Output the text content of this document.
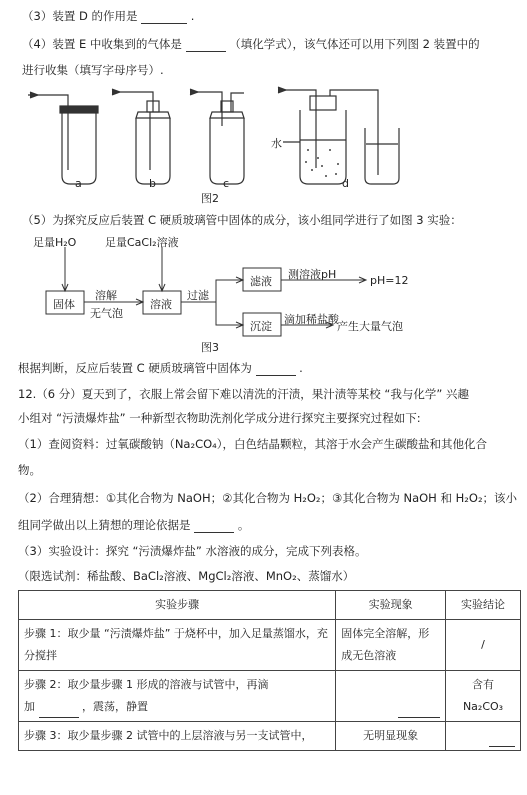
（3）装置 D 的作用是	.
（4）装置 E 中收集到的气体是	（填化学式），该气体还可以用下列图 2 装置中的
进行收集（填写字母序号）.
a	b	c	d
水
图2
（5）为探究反应后装置 C 硬质玻璃管中固体的成分，该小组同学进行了如图 3 实验：
足量H₂O	足量CaCl₂溶液
固体
溶解
无气泡
溶液
过滤
滤液
测溶液pH	pH=12
沉淀
滴加稀盐酸
产生大量气泡
图3
根据判断，反应后装置 C 硬质玻璃管中固体为	.
12.（6 分）夏天到了，衣服上常会留下难以清洗的汗渍，果汁渍等某校 “我与化学” 兴趣
小组对 “污渍爆炸盐” 一种新型衣物助洗剂化学成分进行探究主要探究过程如下:
（1）查阅资料：过氧碳酸钠（Na₂CO₄），白色结晶颗粒，其溶于水会产生碳酸盐和其他化合
物。
（2）合理猜想：①其化合物为 NaOH；②其化合物为 H₂O₂；③其化合物为 NaOH 和 H₂O₂；该小
组同学做出以上猜想的理论依据是	。
（3）实验设计：探究 “污渍爆炸盐” 水溶液的成分，完成下列表格。
（限选试剂：稀盐酸、BaCl₂溶液、MgCl₂溶液、MnO₂、蒸馏水）
实验步骤	实验现象	实验结论
步骤 1：取少量 “污渍爆炸盐” 于烧杯中，加入足量蒸馏水，充分搅拌	固体完全溶解，形成无色溶液	/
步骤 2：取少量步骤 1 形成的溶液与试管中，再滴
加 ，震荡，静置		含有 Na₂CO₃
步骤 3：取少量步骤 2 试管中的上层溶液与另一支试管中，	无明显现象	
